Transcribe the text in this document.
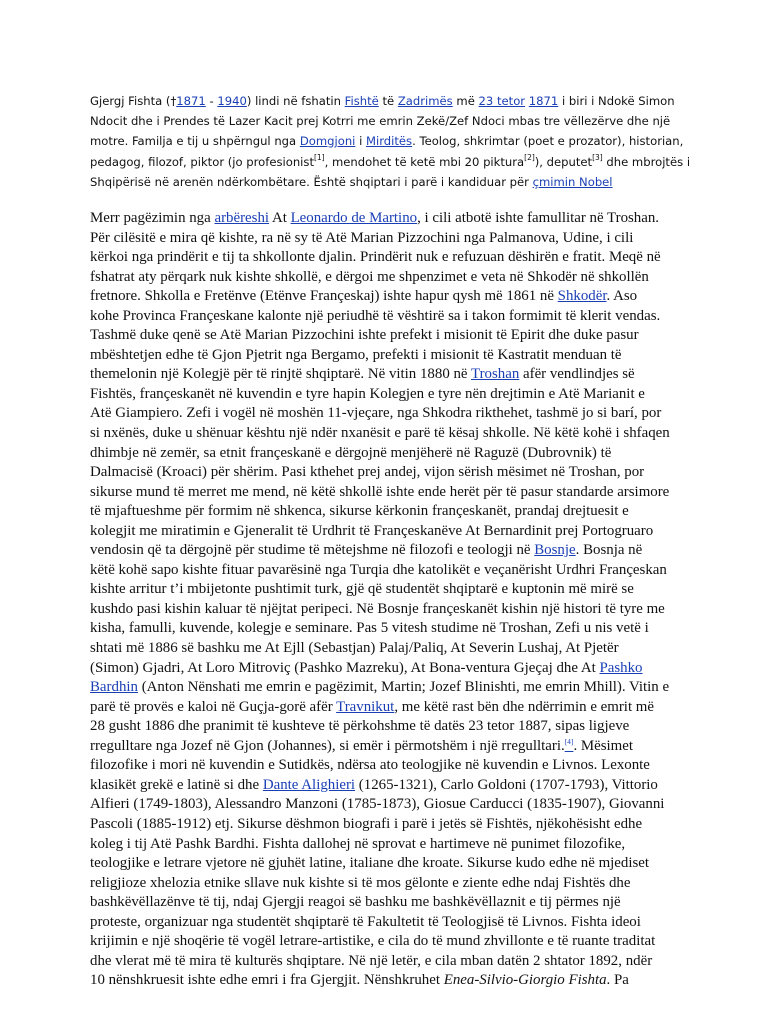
Gjergj Fishta (†1871 - 1940) lindi në fshatin Fishtë të Zadrimës më 23 tetor 1871 i biri i Ndokë Simon
Ndocit dhe i Prendes të Lazer Kacit prej Kotrri me emrin Zekë/Zef Ndoci mbas tre vëllezërve dhe një
motre. Familja e tij u shpërngul nga Domgjoni i Mirditës. Teolog, shkrimtar (poet e prozator), historian,
pedagog, filozof, piktor (jo profesionist[1], mendohet të ketë mbi 20 piktura[2]), deputet[3] dhe mbrojtës i
Shqipërisë në arenën ndërkombëtare. Është shqiptari i parë i kandiduar për çmimin Nobel
Merr pagëzimin nga arbëreshi At Leonardo de Martino, i cili atbotë ishte famullitar në Troshan.
Për cilësitë e mira që kishte, ra në sy të Atë Marian Pizzochini nga Palmanova, Udine, i cili
kërkoi nga prindërit e tij ta shkollonte djalin. Prindërit nuk e refuzuan dëshirën e fratit. Meqë në
fshatrat aty përqark nuk kishte shkollë, e dërgoi me shpenzimet e veta në Shkodër në shkollën
fretnore. Shkolla e Fretënve (Etënve Françeskaj) ishte hapur qysh më 1861 në Shkodër. Aso
kohe Provinca Françeskane kalonte një periudhë të vështirë sa i takon formimit të klerit vendas.
Tashmë duke qenë se Atë Marian Pizzochini ishte prefekt i misionit të Epirit dhe duke pasur
mbështetjen edhe të Gjon Pjetrit nga Bergamo, prefekti i misionit të Kastratit menduan të
themelonin një Kolegjë për të rinjtë shqiptarë. Në vitin 1880 në Troshan afër vendlindjes së
Fishtës, françeskanët në kuvendin e tyre hapin Kolegjen e tyre nën drejtimin e Atë Marianit e
Atë Giampiero. Zefi i vogël në moshën 11-vjeçare, nga Shkodra rikthehet, tashmë jo si barí, por
si nxënës, duke u shënuar kështu një ndër nxanësit e parë të kësaj shkolle. Në këtë kohë i shfaqen
dhimbje në zemër, sa etnit françeskanë e dërgojnë menjëherë në Raguzë (Dubrovnik) të
Dalmacisë (Kroaci) për shërim. Pasi kthehet prej andej, vijon sërish mësimet në Troshan, por
sikurse mund të merret me mend, në këtë shkollë ishte ende herët për të pasur standarde arsimore
të mjaftueshme për formim në shkenca, sikurse kërkonin françeskanët, prandaj drejtuesit e
kolegjit me miratimin e Gjeneralit të Urdhrit të Françeskanëve At Bernardinit prej Portogruaro
vendosin që ta dërgojnë për studime të mëtejshme në filozofi e teologji në Bosnje. Bosnja në
këtë kohë sapo kishte fituar pavarësinë nga Turqia dhe katolikët e veçanërisht Urdhri Françeskan
kishte arritur t’i mbijetonte pushtimit turk, gjë që studentët shqiptarë e kuptonin më mirë se
kushdo pasi kishin kaluar të njëjtat peripeci. Në Bosnje françeskanët kishin një histori të tyre me
kisha, famulli, kuvende, kolegje e seminare. Pas 5 vitesh studime në Troshan, Zefi u nis vetë i
shtati më 1886 së bashku me At Ejll (Sebastjan) Palaj/Paliq, At Severin Lushaj, At Pjetër
(Simon) Gjadri, At Loro Mitroviç (Pashko Mazreku), At Bona-ventura Gjeçaj dhe At Pashko
Bardhin (Anton Nënshati me emrin e pagëzimit, Martin; Jozef Blinishti, me emrin Mhill). Vitin e
parë të provës e kaloi në Guçja-gorë afër Travnikut, me këtë rast bën dhe ndërrimin e emrit më
28 gusht 1886 dhe pranimit të kushteve të përkohshme të datës 23 tetor 1887, sipas ligjeve
rregulltare nga Jozef në Gjon (Johannes), si emër i përmotshëm i një rregulltari.[4]. Mësimet
filozofike i mori në kuvendin e Sutidkës, ndërsa ato teologjike në kuvendin e Livnos. Lexonte
klasikët grekë e latinë si dhe Dante Alighieri (1265-1321), Carlo Goldoni (1707-1793), Vittorio
Alfieri (1749-1803), Alessandro Manzoni (1785-1873), Giosue Carducci (1835-1907), Giovanni
Pascoli (1885-1912) etj. Sikurse dëshmon biografi i parë i jetës së Fishtës, njëkohësisht edhe
koleg i tij Atë Pashk Bardhi. Fishta dallohej në sprovat e hartimeve në punimet filozofike,
teologjike e letrare vjetore në gjuhët latine, italiane dhe kroate. Sikurse kudo edhe në mjediset
religjioze xhelozia etnike sllave nuk kishte si të mos gëlonte e ziente edhe ndaj Fishtës dhe
bashkëvëllazënve të tij, ndaj Gjergji reagoi së bashku me bashkëvëllaznit e tij përmes një
proteste, organizuar nga studentët shqiptarë të Fakultetit të Teologjisë të Livnos. Fishta ideoi
krijimin e një shoqërie të vogël letrare-artistike, e cila do të mund zhvillonte e të ruante traditat
dhe vlerat më të mira të kulturës shqiptare. Në një letër, e cila mban datën 2 shtator 1892, ndër
10 nënshkruesit ishte edhe emri i fra Gjergjit. Nënshkruhet Enea-Silvio-Giorgio Fishta. Pa
